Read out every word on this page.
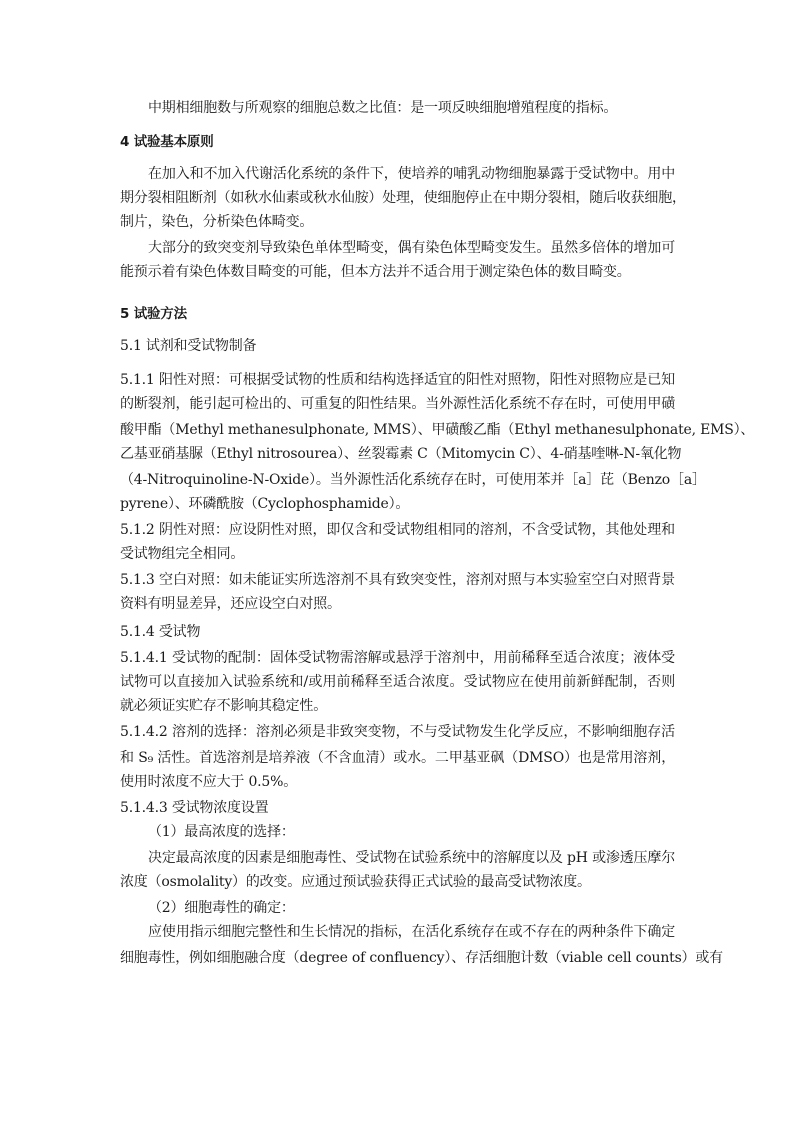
中期相细胞数与所观察的细胞总数之比值：是一项反映细胞增殖程度的指标。
4 试验基本原则
在加入和不加入代谢活化系统的条件下，使培养的哺乳动物细胞暴露于受试物中。用中
期分裂相阻断剂（如秋水仙素或秋水仙胺）处理，使细胞停止在中期分裂相，随后收获细胞，
制片，染色，分析染色体畸变。
大部分的致突变剂导致染色单体型畸变，偶有染色体型畸变发生。虽然多倍体的增加可
能预示着有染色体数目畸变的可能，但本方法并不适合用于测定染色体的数目畸变。
5 试验方法
5.1 试剂和受试物制备
5.1.1 阳性对照：可根据受试物的性质和结构选择适宜的阳性对照物，阳性对照物应是已知
的断裂剂，能引起可检出的、可重复的阳性结果。当外源性活化系统不存在时，可使用甲磺
酸甲酯（Methyl methanesulphonate, MMS）、甲磺酸乙酯（Ethyl methanesulphonate, EMS）、
乙基亚硝基脲（Ethyl nitrosourea）、丝裂霉素 C（Mitomycin C）、4-硝基喹啉-N-氧化物
（4-Nitroquinoline-N-Oxide）。当外源性活化系统存在时，可使用苯并［a］芘（Benzo［a］
pyrene）、环磷酰胺（Cyclophosphamide）。
5.1.2 阴性对照：应设阴性对照，即仅含和受试物组相同的溶剂，不含受试物，其他处理和
受试物组完全相同。
5.1.3 空白对照：如未能证实所选溶剂不具有致突变性，溶剂对照与本实验室空白对照背景
资料有明显差异，还应设空白对照。
5.1.4 受试物
5.1.4.1 受试物的配制：固体受试物需溶解或悬浮于溶剂中，用前稀释至适合浓度；液体受
试物可以直接加入试验系统和/或用前稀释至适合浓度。受试物应在使用前新鲜配制，否则
就必须证实贮存不影响其稳定性。
5.1.4.2 溶剂的选择：溶剂必须是非致突变物，不与受试物发生化学反应，不影响细胞存活
和 S₉ 活性。首选溶剂是培养液（不含血清）或水。二甲基亚砜（DMSO）也是常用溶剂，
使用时浓度不应大于 0.5%。
5.1.4.3 受试物浓度设置
（1）最高浓度的选择：
决定最高浓度的因素是细胞毒性、受试物在试验系统中的溶解度以及 pH 或渗透压摩尔
浓度（osmolality）的改变。应通过预试验获得正式试验的最高受试物浓度。
（2）细胞毒性的确定：
应使用指示细胞完整性和生长情况的指标，在活化系统存在或不存在的两种条件下确定
细胞毒性，例如细胞融合度（degree of confluency）、存活细胞计数（viable cell counts）或有
